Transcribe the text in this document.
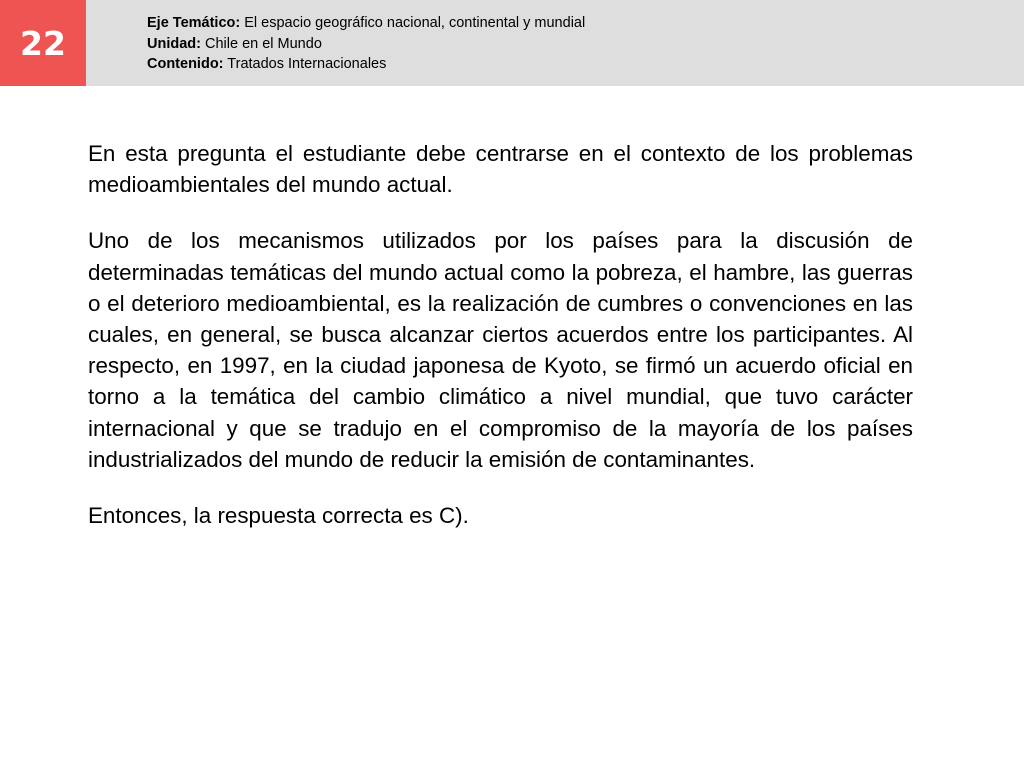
22
Eje Temático: El espacio geográfico nacional, continental y mundial
Unidad: Chile en el Mundo
Contenido: Tratados Internacionales

En esta pregunta el estudiante debe centrarse en el contexto de los problemas medioambientales del mundo actual.

Uno de los mecanismos utilizados por los países para la discusión de determinadas temáticas del mundo actual como la pobreza, el hambre, las guerras o el deterioro medioambiental, es la realización de cumbres o convenciones en las cuales, en general, se busca alcanzar ciertos acuerdos entre los participantes. Al respecto, en 1997, en la ciudad japonesa de Kyoto, se firmó un acuerdo oficial en torno a la temática del cambio climático a nivel mundial, que tuvo carácter internacional y que se tradujo en el compromiso de la mayoría de los países industrializados del mundo de reducir la emisión de contaminantes.

Entonces, la respuesta correcta es C).
